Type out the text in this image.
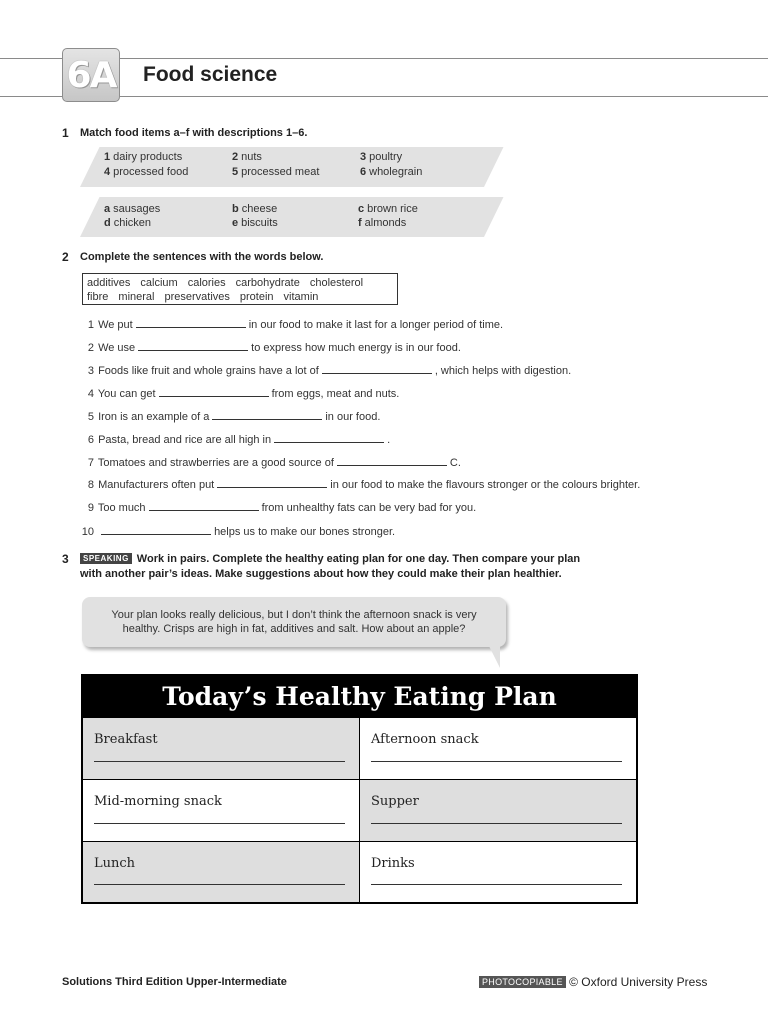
6A Food science
1 Match food items a–f with descriptions 1–6.
1 dairy products	2 nuts	3 poultry
4 processed food	5 processed meat	6 wholegrain
a sausages	b cheese	c brown rice
d chicken	e biscuits	f almonds
2 Complete the sentences with the words below.
additives calcium calories carbohydrate cholesterol
fibre mineral preservatives protein vitamin
1 We put	in our food to make it last for a longer period of time.
2 We use	to express how much energy is in our food.
3 Foods like fruit and whole grains have a lot of	, which helps with digestion.
4 You can get	from eggs, meat and nuts.
5 Iron is an example of a	in our food.
6 Pasta, bread and rice are all high in	.
7 Tomatoes and strawberries are a good source of	C.
8 Manufacturers often put	in our food to make the flavours stronger or the colours brighter.
9 Too much	from unhealthy fats can be very bad for you.
10	helps us to make our bones stronger.
3	SPEAKING Work in pairs. Complete the healthy eating plan for one day. Then compare your plan
with another pair’s ideas. Make suggestions about how they could make their plan healthier.
Your plan looks really delicious, but I don’t think the afternoon snack is very
healthy. Crisps are high in fat, additives and salt. How about an apple?
Today’s Healthy Eating Plan
Breakfast	Afternoon snack
Mid-morning snack	Supper
Lunch	Drinks
Solutions Third Edition Upper-Intermediate	PHOTOCOPIABLE © Oxford University Press
